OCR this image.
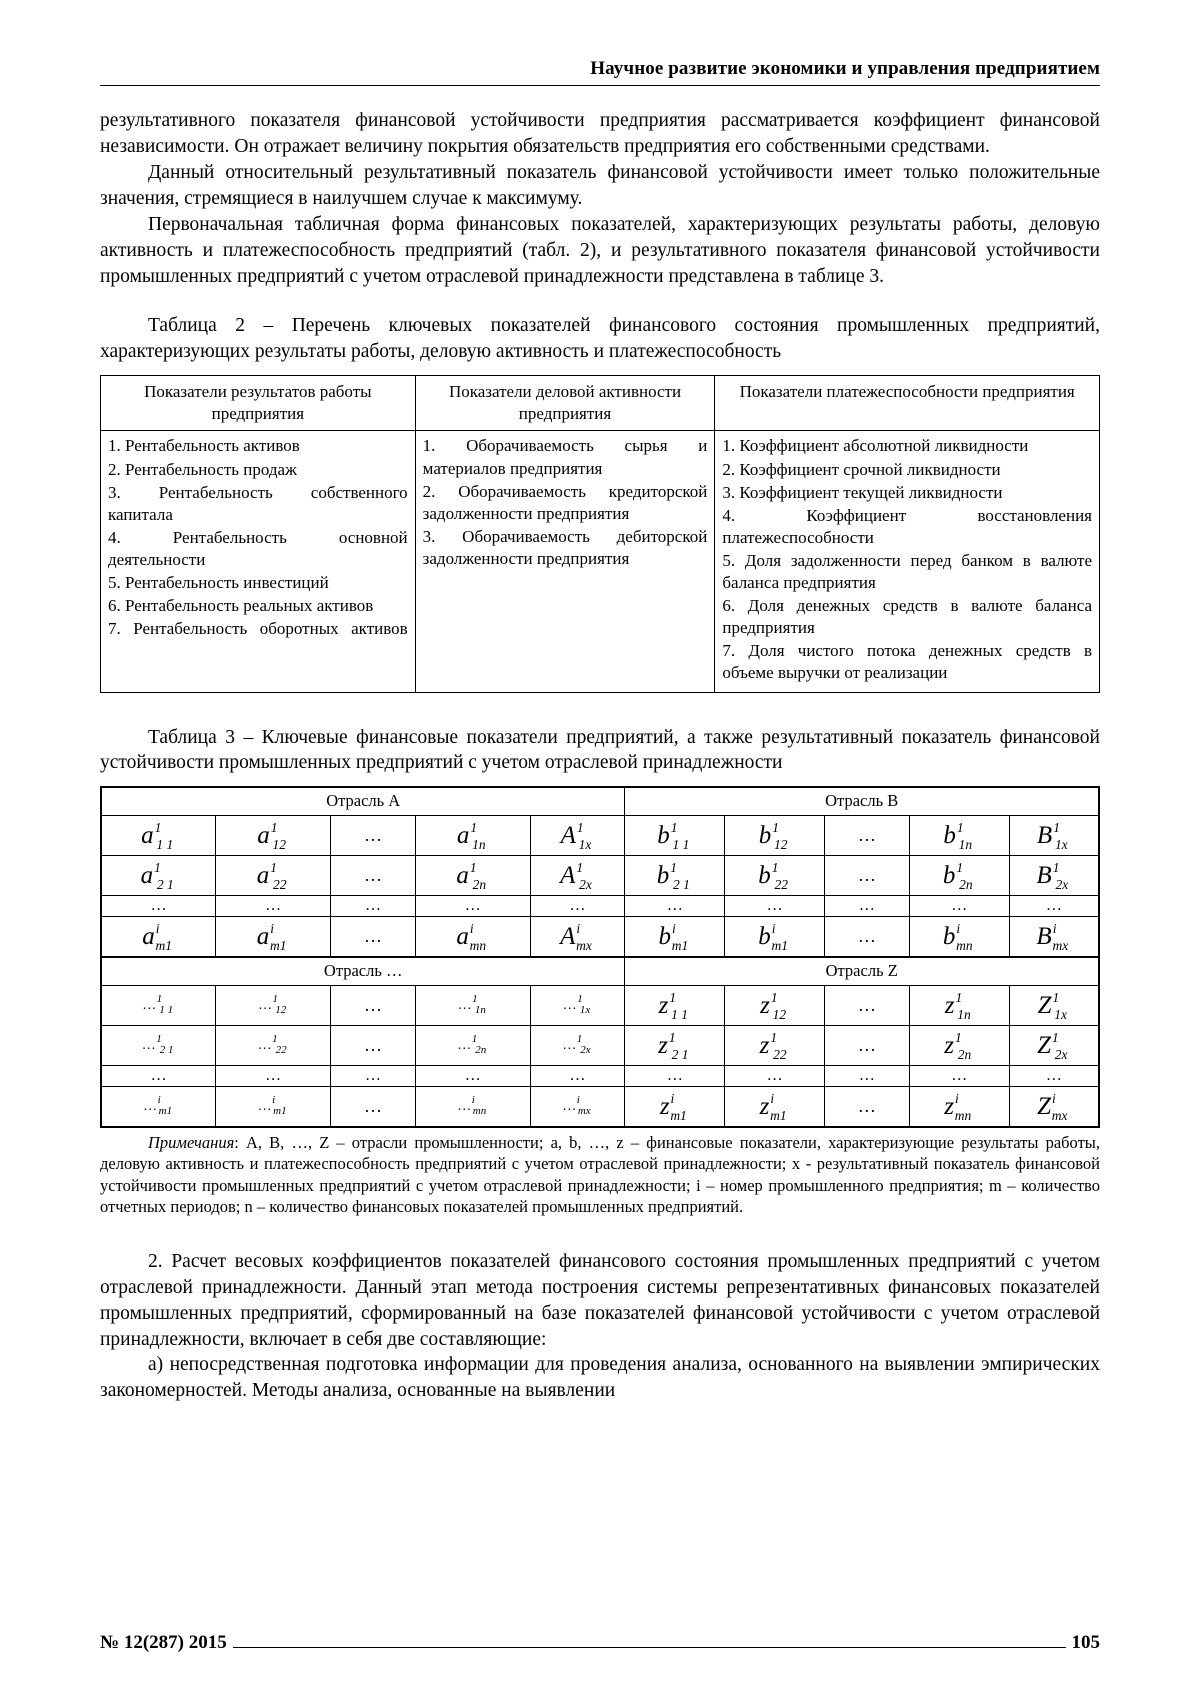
Научное развитие экономики и управления предприятием

результативного показателя финансовой устойчивости предприятия рассматривается коэффициент финансовой независимости. Он отражает величину покрытия обязательств предприятия его собственными средствами.

Данный относительный результативный показатель финансовой устойчивости имеет только положительные значения, стремящиеся в наилучшем случае к максимуму.

Первоначальная табличная форма финансовых показателей, характеризующих результаты работы, деловую активность и платежеспособность предприятий (табл. 2), и результативного показателя финансовой устойчивости промышленных предприятий с учетом отраслевой принадлежности представлена в таблице 3.

Таблица 2 – Перечень ключевых показателей финансового состояния промышленных предприятий, характеризующих результаты работы, деловую активность и платежеспособность

Показатели результатов работы предприятия	Показатели деловой активности предприятия	Показатели платежеспособности предприятия

1. Рентабельность активов
2. Рентабельность продаж
3. Рентабельность собственного капитала
4. Рентабельность основной деятельности
5. Рентабельность инвестиций
6. Рентабельность реальных активов
7. Рентабельность оборотных активов

1. Оборачиваемость сырья и материалов предприятия
2. Оборачиваемость кредиторской задолженности предприятия
3. Оборачиваемость дебиторской задолженности предприятия

1. Коэффициент абсолютной ликвидности
2. Коэффициент срочной ликвидности
3. Коэффициент текущей ликвидности
4. Коэффициент восстановления платежеспособности
5. Доля задолженности перед банком в валюте баланса предприятия
6. Доля денежных средств в валюте баланса предприятия
7. Доля чистого потока денежных средств в объеме выручки от реализации

Таблица 3 – Ключевые финансовые показатели предприятий, а также результативный показатель финансовой устойчивости промышленных предприятий с учетом отраслевой принадлежности

Отрасль A					Отрасль B				
$a^1_{1 1}$	$a^1_{12}$	…	$a^1_{1n}$	$A^1_{1x}$	$b^1_{1 1}$	$b^1_{12}$	…	$b^1_{1n}$	$B^1_{1x}$
$a^1_{2 1}$	$a^1_{22}$	…	$a^1_{2n}$	$A^1_{2x}$	$b^1_{2 1}$	$b^1_{22}$	…	$b^1_{2n}$	$B^1_{2x}$
…	…	…	…	…	…	…	…	…	…
$a^i_{m1}$	$a^i_{m1}$	…	$a^i_{mn}$	$A^i_{mx}$	$b^i_{m1}$	$b^i_{m1}$	…	$b^i_{mn}$	$B^i_{mx}$
Отрасль …					Отрасль Z				
…$^1_{1 1}$	…$^1_{12}$	…	…$^1_{1n}$	…$^1_{1x}$	$z^1_{1 1}$	$z^1_{12}$	…	$z^1_{1n}$	$Z^1_{1x}$
…$^1_{2 1}$	…$^1_{22}$	…	…$^1_{2n}$	…$^1_{2x}$	$z^1_{2 1}$	$z^1_{22}$	…	$z^1_{2n}$	$Z^1_{2x}$
…	…	…	…	…	…	…	…	…	…
…$^i_{m1}$	…$^i_{m1}$	…	…$^i_{mn}$	…$^i_{mx}$	$z^i_{m1}$	$z^i_{m1}$	…	$z^i_{mn}$	$Z^i_{mx}$

Примечания: A, B, …, Z – отрасли промышленности; a, b, …, z – финансовые показатели, характеризующие результаты работы, деловую активность и платежеспособность предприятий с учетом отраслевой принадлежности; x - результативный показатель финансовой устойчивости промышленных предприятий с учетом отраслевой принадлежности; i – номер промышленного предприятия; m – количество отчетных периодов; n – количество финансовых показателей промышленных предприятий.

2. Расчет весовых коэффициентов показателей финансового состояния промышленных предприятий с учетом отраслевой принадлежности. Данный этап метода построения системы репрезентативных финансовых показателей промышленных предприятий, сформированный на базе показателей финансовой устойчивости с учетом отраслевой принадлежности, включает в себя две составляющие:

а) непосредственная подготовка информации для проведения анализа, основанного на выявлении эмпирических закономерностей. Методы анализа, основанные на выявлении

№ 12(287) 2015	105
